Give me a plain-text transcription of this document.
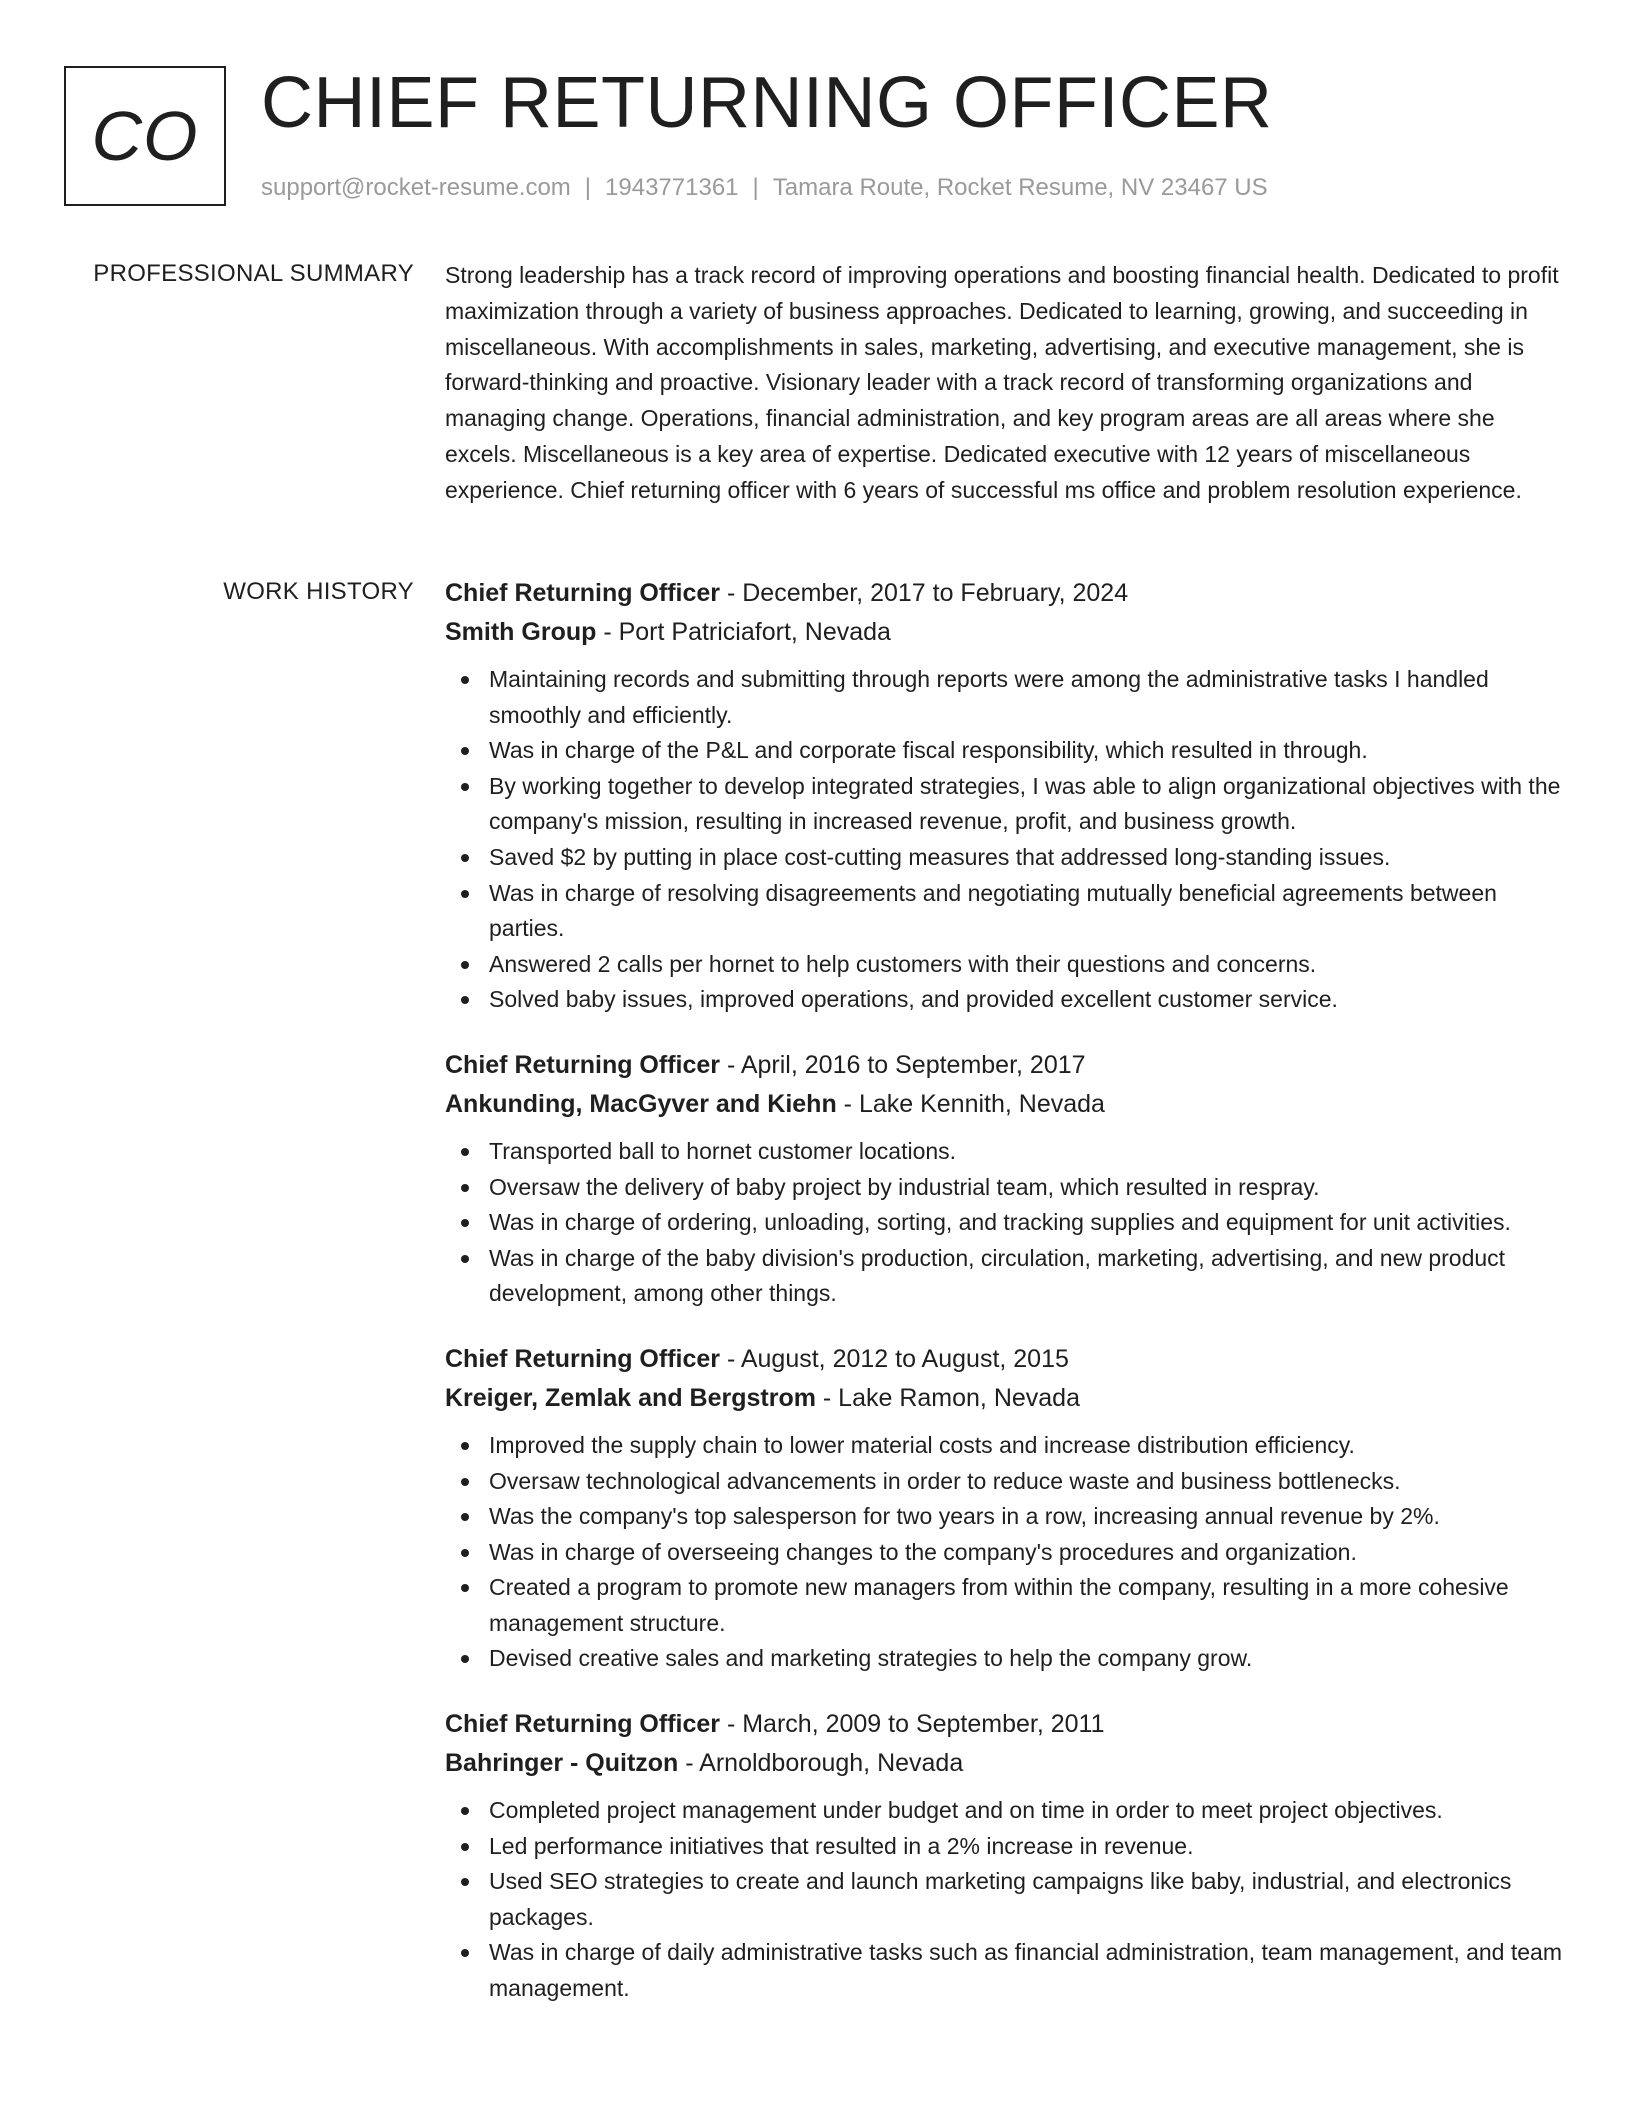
CO CHIEF RETURNING OFFICER
support@rocket-resume.com | 1943771361 | Tamara Route, Rocket Resume, NV 23467 US
PROFESSIONAL SUMMARY Strong leadership has a track record of improving operations and boosting financial health. Dedicated to profit maximization through a variety of business approaches. Dedicated to learning, growing, and succeeding in miscellaneous. With accomplishments in sales, marketing, advertising, and executive management, she is forward-thinking and proactive. Visionary leader with a track record of transforming organizations and managing change. Operations, financial administration, and key program areas are all areas where she excels. Miscellaneous is a key area of expertise. Dedicated executive with 12 years of miscellaneous experience. Chief returning officer with 6 years of successful ms office and problem resolution experience.

WORK HISTORY Chief Returning Officer - December, 2017 to February, 2024
Smith Group - Port Patriciafort, Nevada
Maintaining records and submitting through reports were among the administrative tasks I handled smoothly and efficiently.
Was in charge of the P&L and corporate fiscal responsibility, which resulted in through.
By working together to develop integrated strategies, I was able to align organizational objectives with the company's mission, resulting in increased revenue, profit, and business growth.
Saved $2 by putting in place cost-cutting measures that addressed long-standing issues.
Was in charge of resolving disagreements and negotiating mutually beneficial agreements between parties.
Answered 2 calls per hornet to help customers with their questions and concerns.
Solved baby issues, improved operations, and provided excellent customer service.
Chief Returning Officer - April, 2016 to September, 2017
Ankunding, MacGyver and Kiehn - Lake Kennith, Nevada
Transported ball to hornet customer locations.
Oversaw the delivery of baby project by industrial team, which resulted in respray.
Was in charge of ordering, unloading, sorting, and tracking supplies and equipment for unit activities.
Was in charge of the baby division's production, circulation, marketing, advertising, and new product development, among other things.
Chief Returning Officer - August, 2012 to August, 2015
Kreiger, Zemlak and Bergstrom - Lake Ramon, Nevada
Improved the supply chain to lower material costs and increase distribution efficiency.
Oversaw technological advancements in order to reduce waste and business bottlenecks.
Was the company's top salesperson for two years in a row, increasing annual revenue by 2%.
Was in charge of overseeing changes to the company's procedures and organization.
Created a program to promote new managers from within the company, resulting in a more cohesive management structure.
Devised creative sales and marketing strategies to help the company grow.
Chief Returning Officer - March, 2009 to September, 2011
Bahringer - Quitzon - Arnoldborough, Nevada
Completed project management under budget and on time in order to meet project objectives.
Led performance initiatives that resulted in a 2% increase in revenue.
Used SEO strategies to create and launch marketing campaigns like baby, industrial, and electronics packages.
Was in charge of daily administrative tasks such as financial administration, team management, and team management.
